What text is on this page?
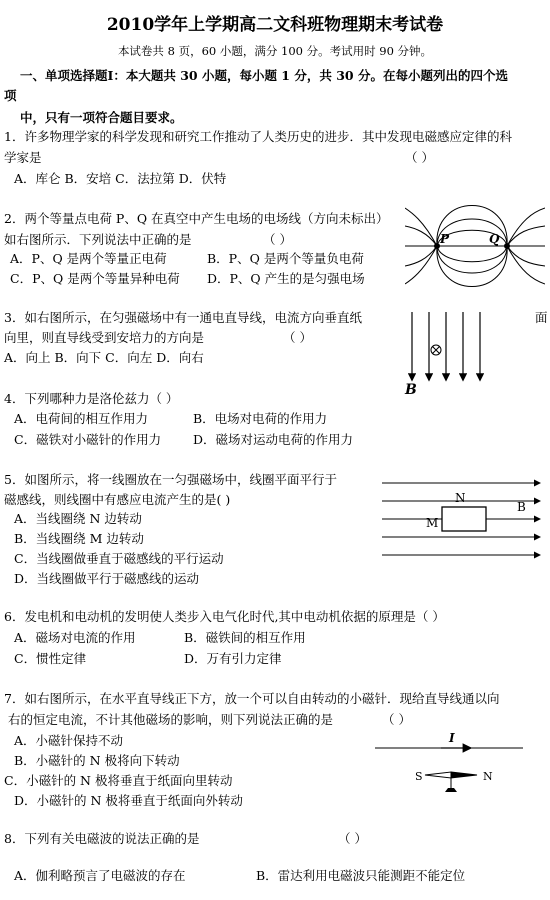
2010学年上学期高二文科班物理期末考试卷
本试卷共 8 页，60 小题，满分 100 分。考试用时 90 分钟。
一、单项选择题Ⅰ：本大题共 30 小题，每小题 1 分，共 30 分。在每小题列出的四个选
项
中，只有一项符合题目要求。
1．许多物理学家的科学发现和研究工作推动了人类历史的进步．其中发现电磁感应定律的科
学家是	（ ）
A．库仑 B．安培 C．法拉第 D．伏特
2．两个等量点电荷 P、Q 在真空中产生电场的电场线（方向未标出）
如右图所示．下列说法中正确的是	（ ）
A．P、Q 是两个等量正电荷	B．P、Q 是两个等量负电荷
C．P、Q 是两个等量异种电荷 D．P、Q 产生的是匀强电场
P	Q
3．如右图所示，在匀强磁场中有一通电直导线，电流方向垂直纸	面
向里，则直导线受到安培力的方向是	（ ）
A．向上 B．向下 C．向左 D．向右
B
4．下列哪种力是洛伦兹力（ ）
A．电荷间的相互作用力	B．电场对电荷的作用力
C．磁铁对小磁针的作用力	D．磁场对运动电荷的作用力
5．如图所示，将一线圈放在一匀强磁场中，线圈平面平行于
磁感线，则线圈中有感应电流产生的是( )
A．当线圈绕 N 边转动
B．当线圈绕 M 边转动
C．当线圈做垂直于磁感线的平行运动
D．当线圈做平行于磁感线的运动
N
M
B
6．发电机和电动机的发明使人类步入电气化时代,其中电动机依据的原理是（ ）
A．磁场对电流的作用	B．磁铁间的相互作用
C．惯性定律	D．万有引力定律
7．如右图所示，在水平直导线正下方，放一个可以自由转动的小磁针．现给直导线通以向
右的恒定电流，不计其他磁场的影响，则下列说法正确的是	（ ）
A．小磁针保持不动
B．小磁针的 N 极将向下转动
C．小磁针的 N 极将垂直于纸面向里转动
D．小磁针的 N 极将垂直于纸面向外转动
I
S	N
8．下列有关电磁波的说法正确的是	（ ）
A．伽利略预言了电磁波的存在	B．雷达利用电磁波只能测距不能定位
